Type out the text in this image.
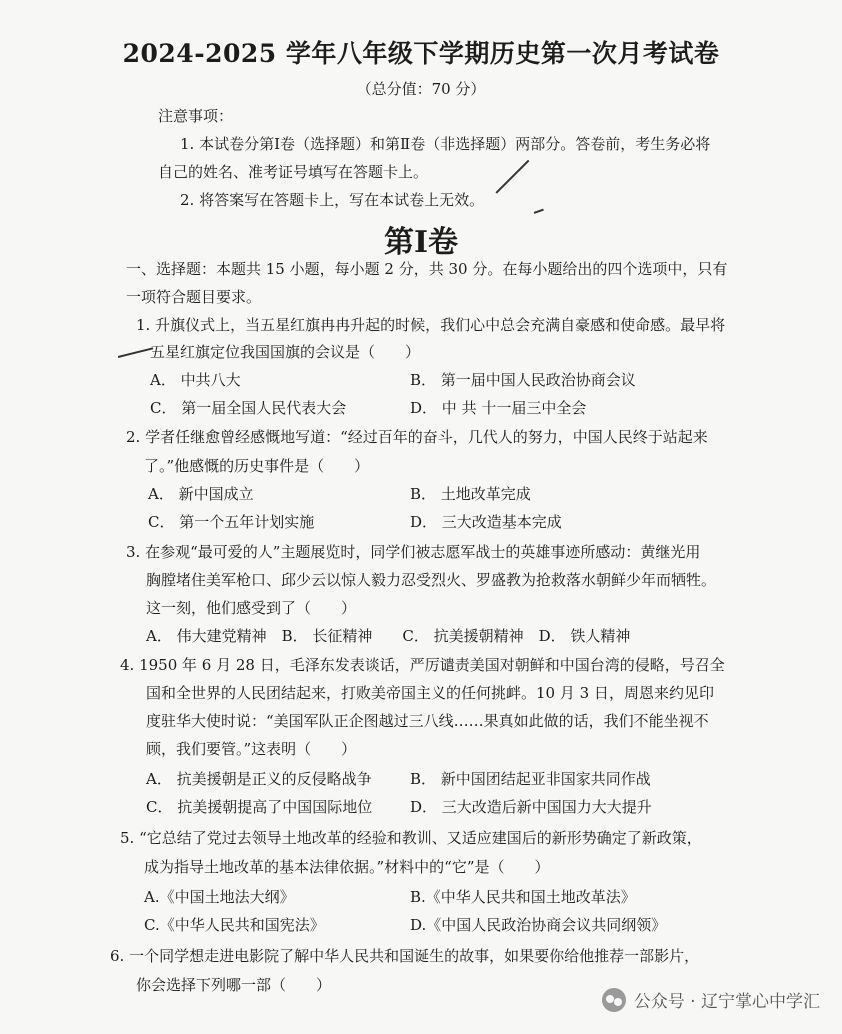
2024-2025 学年八年级下学期历史第一次月考试卷
（总分值：70 分）
注意事项：
1. 本试卷分第Ⅰ卷（选择题）和第Ⅱ卷（非选择题）两部分。答卷前，考生务必将
自己的姓名、准考证号填写在答题卡上。
2. 将答案写在答题卡上，写在本试卷上无效。
第Ⅰ卷
一、选择题：本题共 15 小题，每小题 2 分，共 30 分。在每小题给出的四个选项中，只有
一项符合题目要求。
1. 升旗仪式上，当五星红旗冉冉升起的时候，我们心中总会充满自豪感和使命感。最早将
五星红旗定位我国国旗的会议是（　　）
A． 中共八大	B． 第一届中国人民政治协商会议
C． 第一届全国人民代表大会	D． 中 共 十一届三中全会
2. 学者任继愈曾经感慨地写道：“经过百年的奋斗，几代人的努力，中国人民终于站起来
了。”他感慨的历史事件是（　　）
A． 新中国成立	B． 土地改革完成
C． 第一个五年计划实施	D． 三大改造基本完成
3. 在参观“最可爱的人”主题展览时，同学们被志愿军战士的英雄事迹所感动：黄继光用
胸膛堵住美军枪口、邱少云以惊人毅力忍受烈火、罗盛教为抢救落水朝鲜少年而牺牲。
这一刻，他们感受到了（　　）
A． 伟大建党精神　B． 长征精神　　C． 抗美援朝精神　D． 铁人精神
4. 1950 年 6 月 28 日，毛泽东发表谈话，严厉谴责美国对朝鲜和中国台湾的侵略，号召全
国和全世界的人民团结起来，打败美帝国主义的任何挑衅。10 月 3 日，周恩来约见印
度驻华大使时说：“美国军队正企图越过三八线……果真如此做的话，我们不能坐视不
顾，我们要管。”这表明（　　）
A． 抗美援朝是正义的反侵略战争	B． 新中国团结起亚非国家共同作战
C． 抗美援朝提高了中国国际地位	D． 三大改造后新中国国力大大提升
5. “它总结了党过去领导土地改革的经验和教训、又适应建国后的新形势确定了新政策，
成为指导土地改革的基本法律依据。”材料中的“它”是（　　）
A.《中国土地法大纲》	B.《中华人民共和国土地改革法》
C.《中华人民共和国宪法》	D.《中国人民政治协商会议共同纲领》
6. 一个同学想走进电影院了解中华人民共和国诞生的故事，如果要你给他推荐一部影片，
你会选择下列哪一部（　　）
公众号 · 辽宁掌心中学汇
